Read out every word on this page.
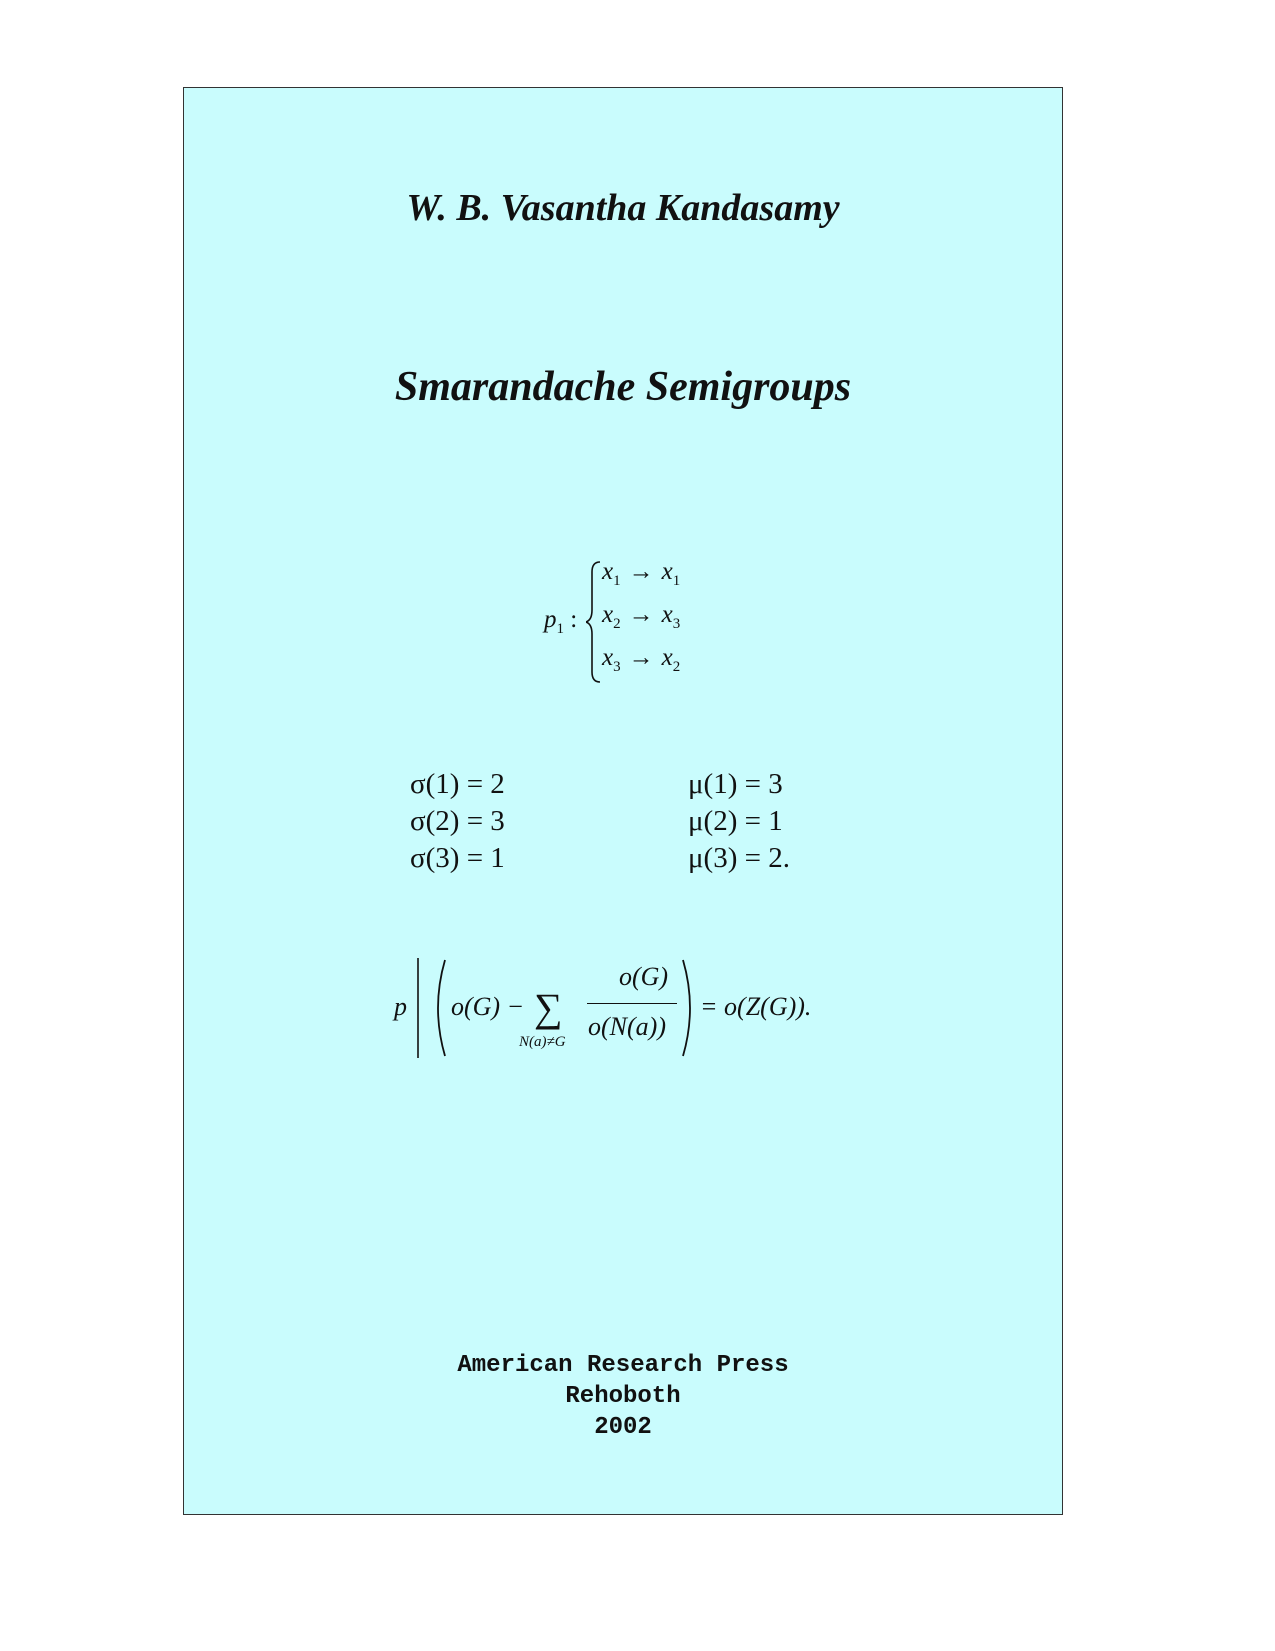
W. B. Vasantha Kandasamy
Smarandache Semigroups
$p_1$ :
$x_1 \to x_1$
$x_2 \to x_3$
$x_3 \to x_2$
σ(1) = 2
σ(2) = 3
σ(3) = 1
μ(1) = 3
μ(2) = 1
μ(3) = 2.
p o(G) − ∑
N(a)≠G
o(G)
o(N(a))
= o(Z(G)).
American Research Press
Rehoboth
2002
